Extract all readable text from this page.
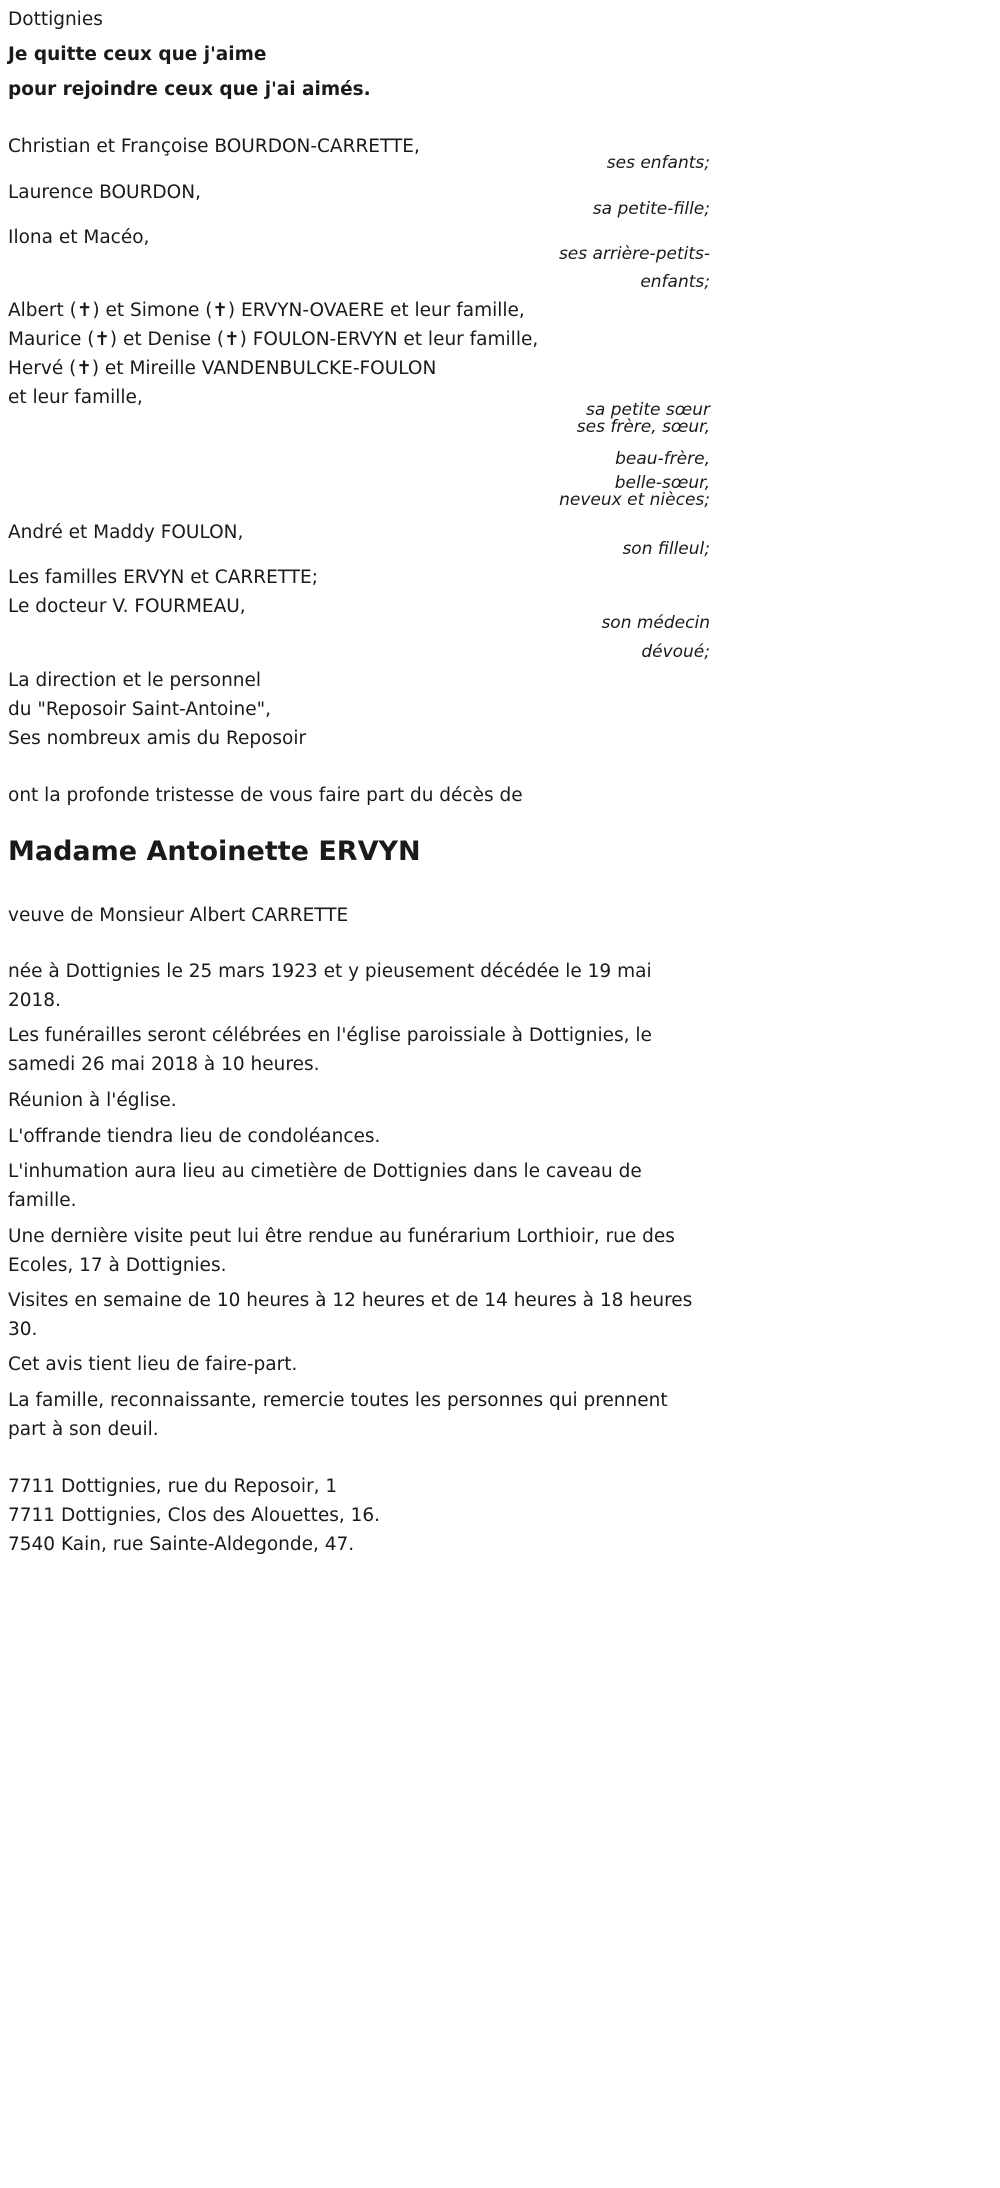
Dottignies
Je quitte ceux que j'aime
pour rejoindre ceux que j'ai aimés.
Christian et Françoise BOURDON-CARRETTE,
ses enfants;
Laurence BOURDON,
sa petite-fille;
Ilona et Macéo,
ses arrière-petits-
enfants;
Albert (✝) et Simone (✝) ERVYN-OVAERE et leur famille,
Maurice (✝) et Denise (✝) FOULON-ERVYN et leur famille,
Hervé (✝) et Mireille VANDENBULCKE-FOULON
et leur famille,
sa petite sœur
ses frère, sœur,
beau-frère,
belle-sœur,
neveux et nièces;
André et Maddy FOULON,
son filleul;
Les familles ERVYN et CARRETTE;
Le docteur V. FOURMEAU,
son médecin
dévoué;
La direction et le personnel
du "Reposoir Saint-Antoine",
Ses nombreux amis du Reposoir
ont la profonde tristesse de vous faire part du décès de
Madame Antoinette ERVYN
veuve de Monsieur Albert CARRETTE
née à Dottignies le 25 mars 1923 et y pieusement décédée le 19 mai 2018.
Les funérailles seront célébrées en l'église paroissiale à Dottignies, le samedi 26 mai 2018 à 10 heures.
Réunion à l'église.
L'offrande tiendra lieu de condoléances.
L'inhumation aura lieu au cimetière de Dottignies dans le caveau de famille.
Une dernière visite peut lui être rendue au funérarium Lorthioir, rue des Ecoles, 17 à Dottignies.
Visites en semaine de 10 heures à 12 heures et de 14 heures à 18 heures 30.
Cet avis tient lieu de faire-part.
La famille, reconnaissante, remercie toutes les personnes qui prennent part à son deuil.
7711 Dottignies, rue du Reposoir, 1
7711 Dottignies, Clos des Alouettes, 16.
7540 Kain, rue Sainte-Aldegonde, 47.
